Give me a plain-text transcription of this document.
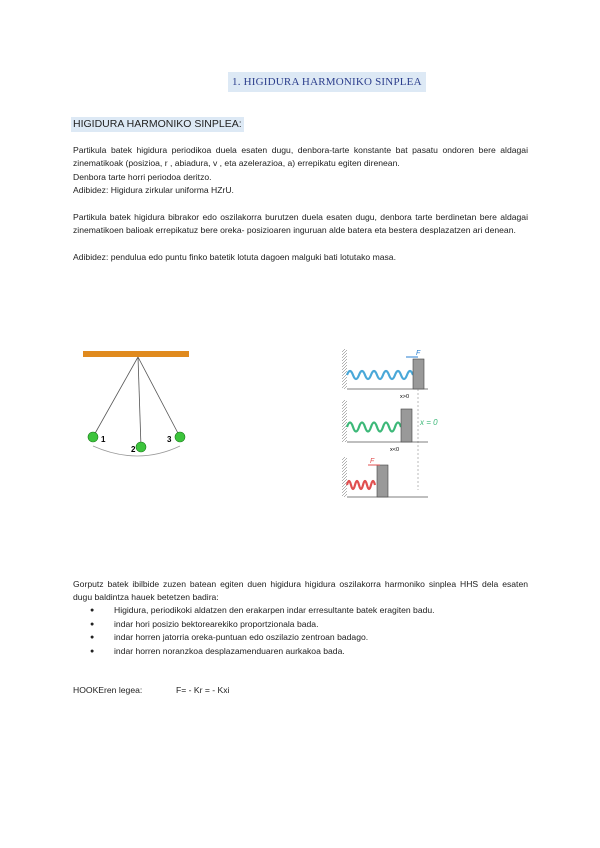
1. HIGIDURA HARMONIKO SINPLEA
HIGIDURA HARMONIKO SINPLEA:

Partikula batek higidura periodikoa duela esaten dugu, denbora-tarte konstante bat pasatu ondoren bere aldagai zinematikoak (posizioa, r , abiadura, v , eta azelerazioa, a) errepikatu egiten direnean.

Denbora tarte horri periodoa deritzo.
Adibidez: Higidura zirkular uniforma HZrU.

Partikula batek higidura bibrakor edo oszilakorra burutzen duela esaten dugu, denbora tarte berdinetan bere aldagai zinematikoen balioak errepikatuz bere oreka- posizioaren inguruan alde batera eta bestera desplazatzen ari denean.

Adibidez: pendulua edo puntu finko batetik lotuta dagoen malguki bati lotutako masa.
1
2
3
F
x>0
x = 0
F
x<0

Gorputz batek ibilbide zuzen batean egiten duen higidura higidura oszilakorra harmoniko sinplea HHS dela esaten dugu baldintza hauek betetzen badira:

● Higidura, periodikoki aldatzen den erakarpen indar erresultante batek eragiten badu.
● indar hori posizio bektorearekiko proportzionala bada.
● indar horren jatorria oreka-puntuan edo oszilazio zentroan badago.
● indar horren noranzkoa desplazamenduaren aurkakoa bada.
HOOKEren legea:	F= - Kr = - Kxi
